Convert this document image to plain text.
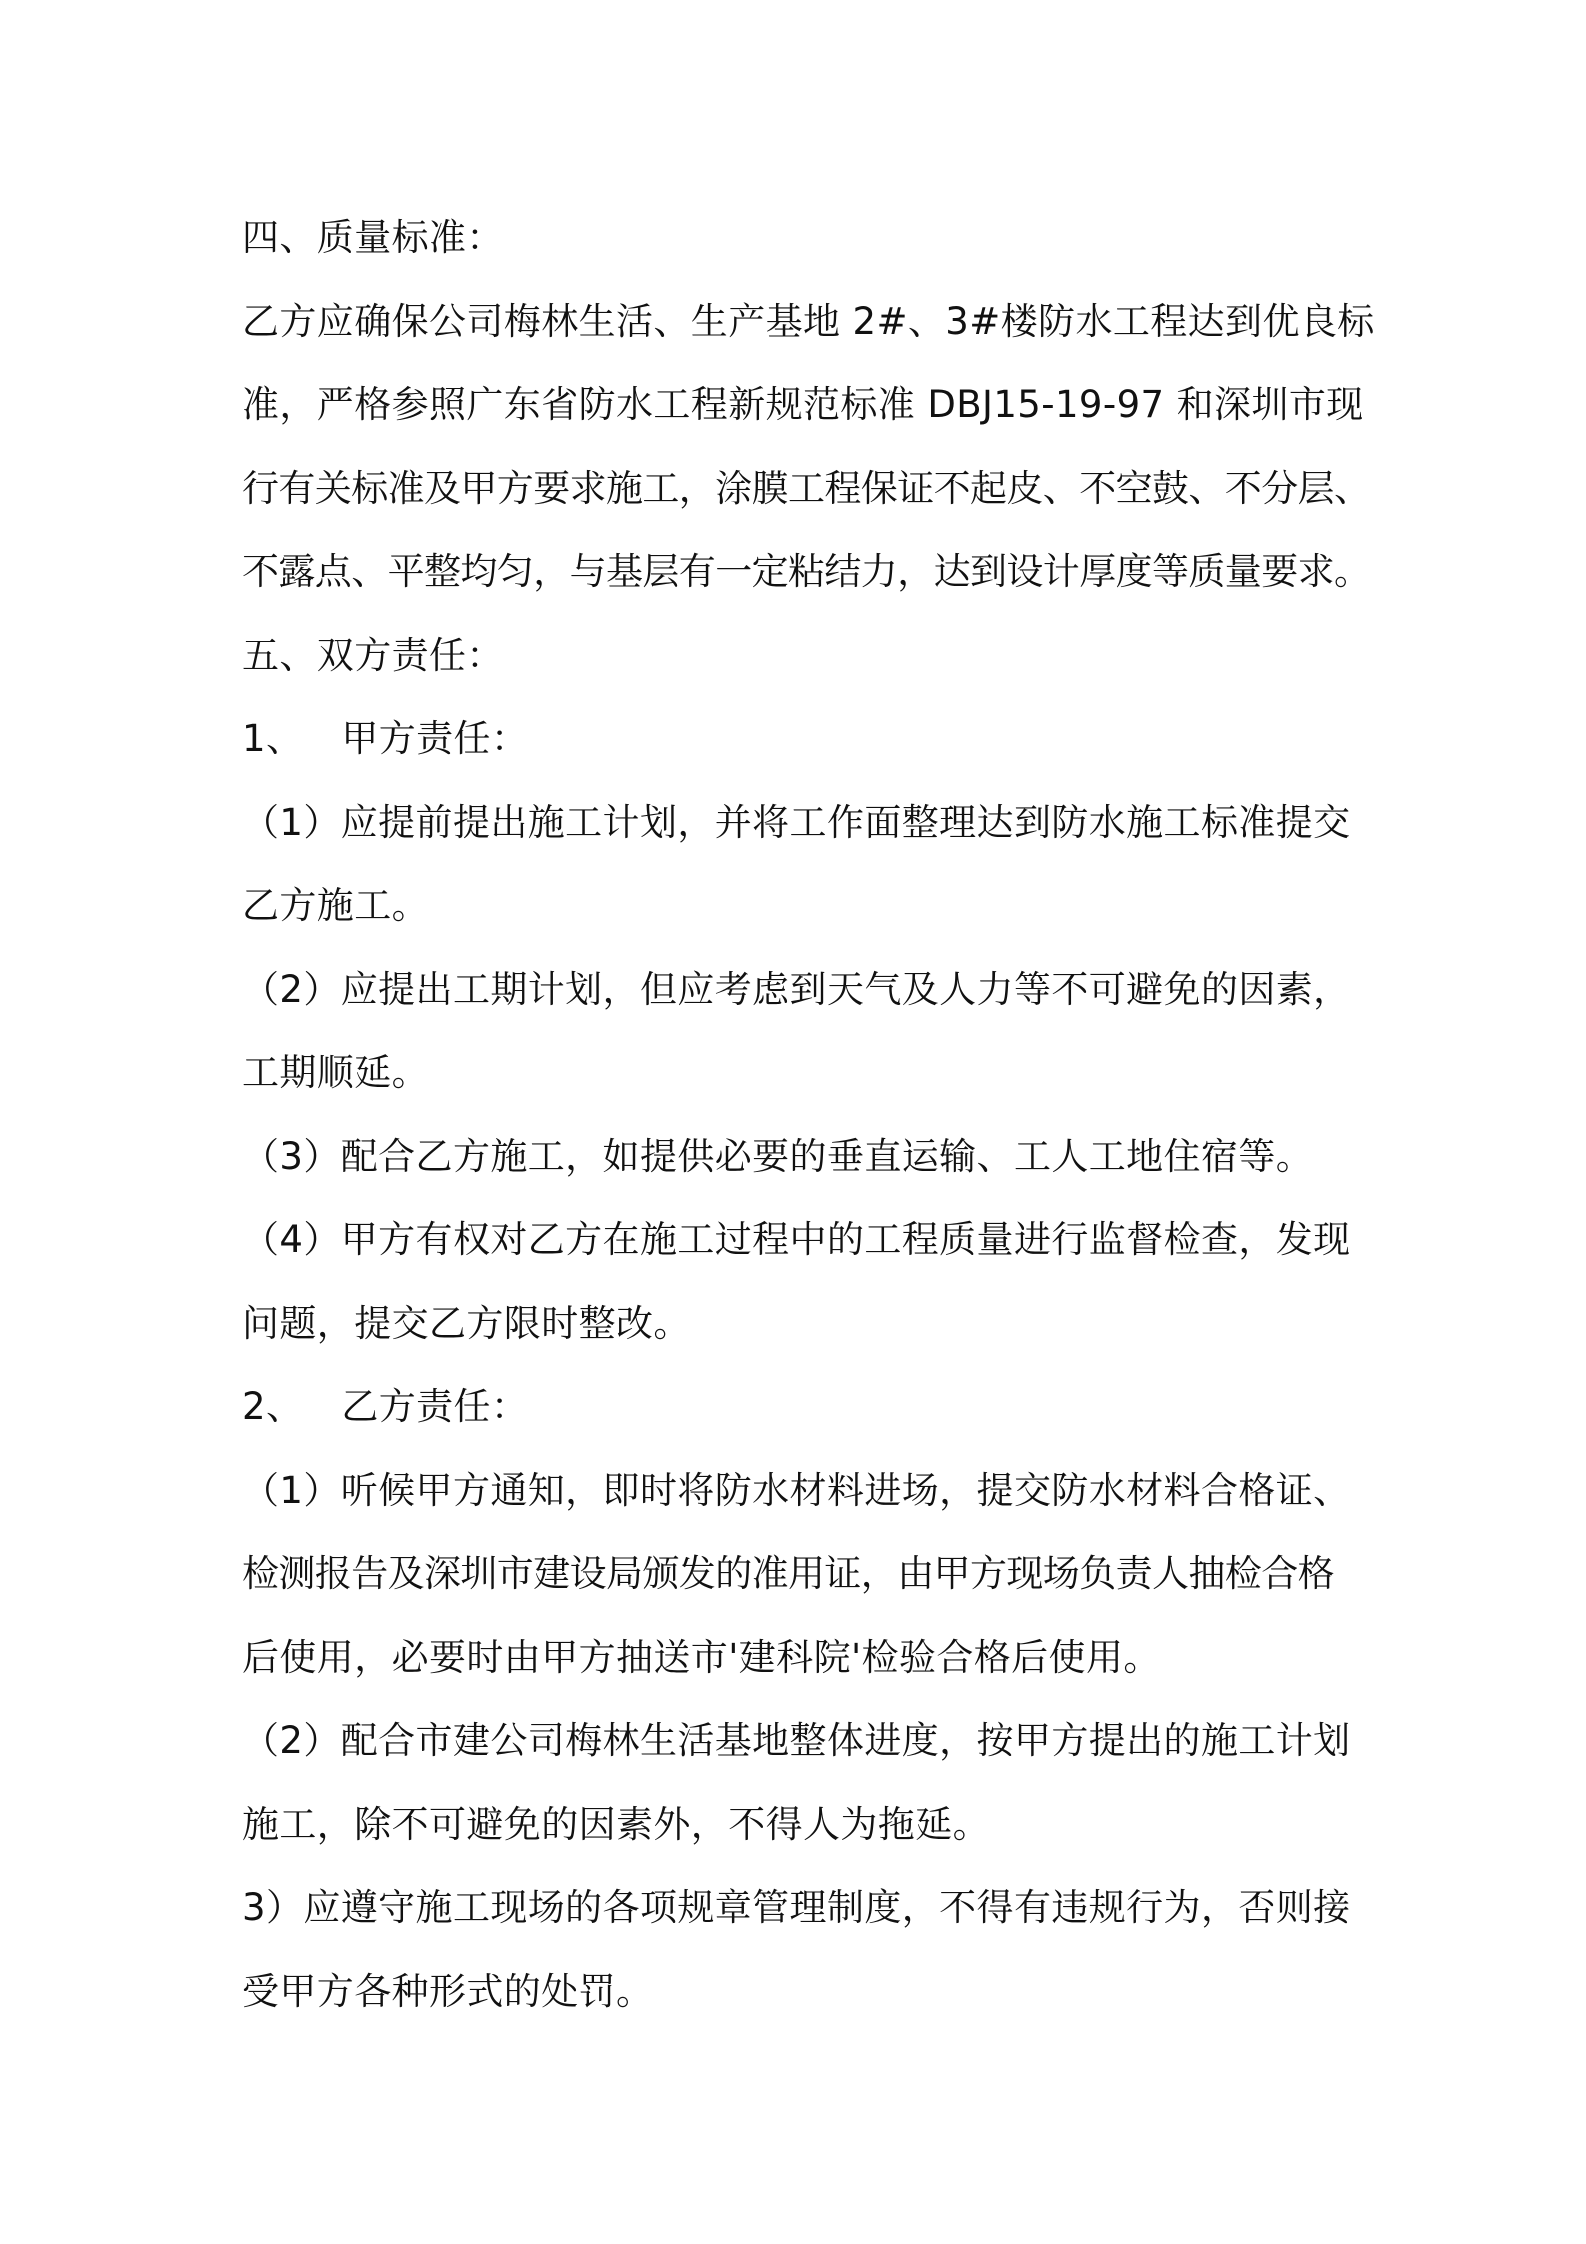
四、质量标准：
乙方应确保公司梅林生活、生产基地 2#、3#楼防水工程达到优良标
准，严格参照广东省防水工程新规范标准 DBJ15-19-97 和深圳市现
行有关标准及甲方要求施工，涂膜工程保证不起皮、不空鼓、不分层、
不露点、平整均匀，与基层有一定粘结力，达到设计厚度等质量要求。
五、双方责任：
1、 甲方责任：
（1）应提前提出施工计划，并将工作面整理达到防水施工标准提交
乙方施工。
（2）应提出工期计划，但应考虑到天气及人力等不可避免的因素，
工期顺延。
（3）配合乙方施工，如提供必要的垂直运输、工人工地住宿等。
（4）甲方有权对乙方在施工过程中的工程质量进行监督检查，发现
问题，提交乙方限时整改。
2、 乙方责任：
（1）听候甲方通知，即时将防水材料进场，提交防水材料合格证、
检测报告及深圳市建设局颁发的准用证，由甲方现场负责人抽检合格
后使用，必要时由甲方抽送市'建科院'检验合格后使用。
（2）配合市建公司梅林生活基地整体进度，按甲方提出的施工计划
施工，除不可避免的因素外，不得人为拖延。
3）应遵守施工现场的各项规章管理制度，不得有违规行为，否则接
受甲方各种形式的处罚。
